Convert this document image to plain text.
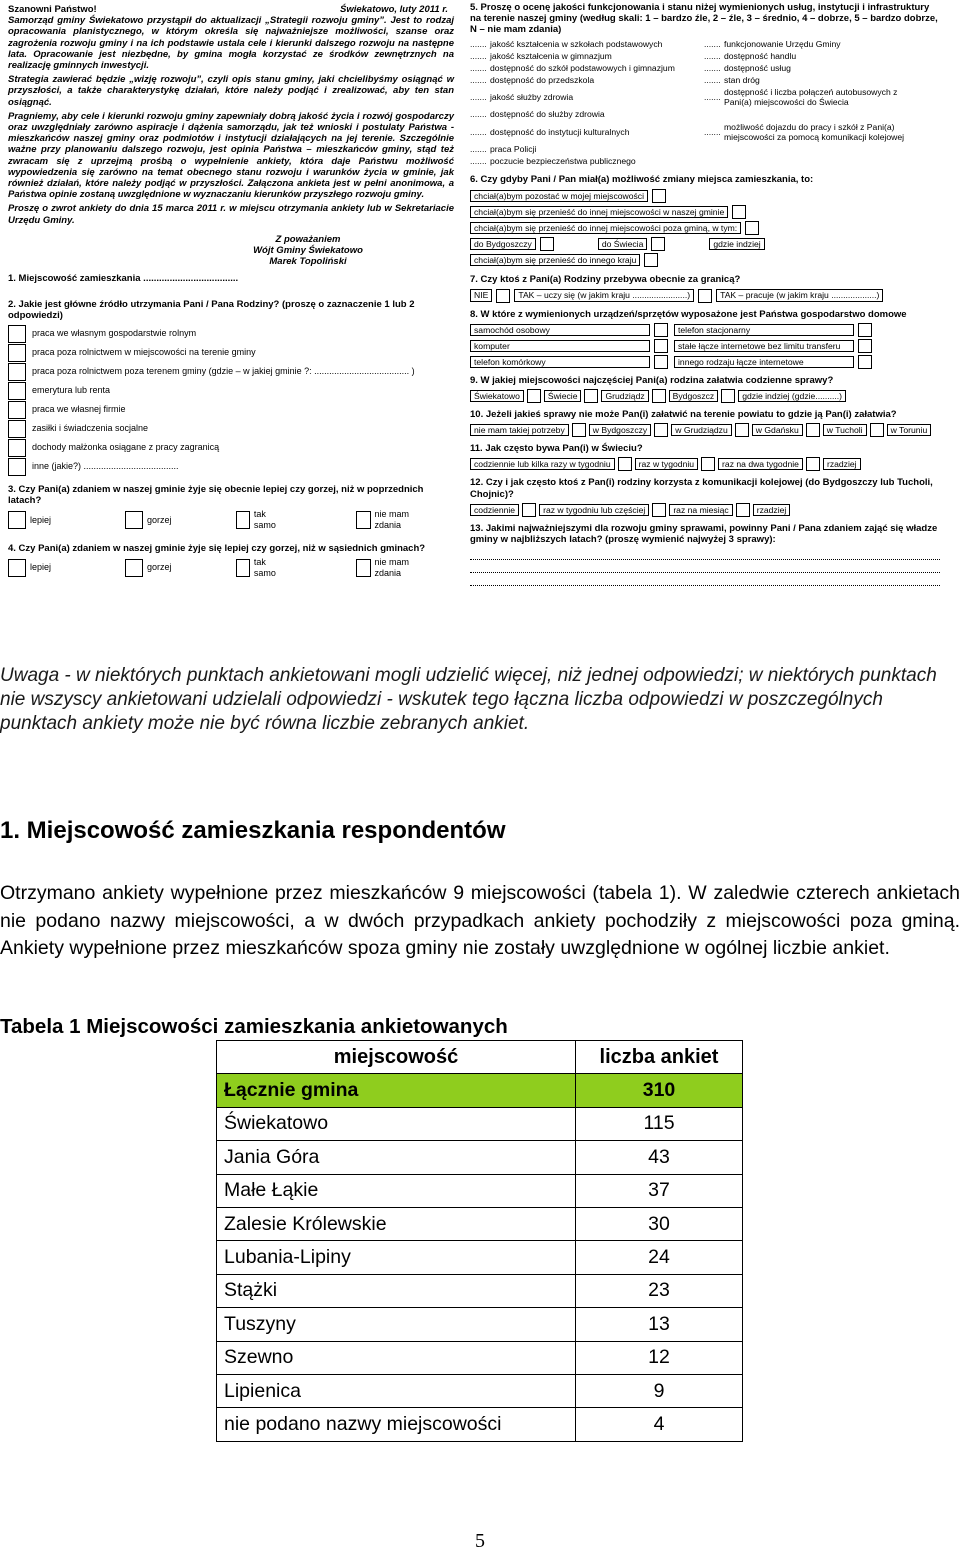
Szanowni Państwo!

Samorząd gminy Świekatowo przystąpił do aktualizacji „Strategii rozwoju gminy”. Jest to rodzaj opracowania planistycznego, w którym określa się najważniejsze możliwości, szanse oraz zagrożenia rozwoju gminy i na ich podstawie ustala cele i kierunki dalszego rozwoju na następne lata. Opracowanie jest niezbędne, by gmina mogła korzystać ze środków zewnętrznych na realizację gminnych inwestycji.

Strategia zawierać będzie „wizję rozwoju”, czyli opis stanu gminy, jaki chcielibyśmy osiągnąć w przyszłości, a także charakterystykę działań, które należy podjąć i zrealizować, aby ten stan osiągnąć.

Pragniemy, aby cele i kierunki rozwoju gminy zapewniały dobrą jakość życia i rozwój gospodarczy oraz uwzględniały zarówno aspiracje i dążenia samorządu, jak też wnioski i postulaty Państwa - mieszkańców naszej gminy oraz podmiotów i instytucji działających na jej terenie. Szczególnie ważne przy planowaniu dalszego rozwoju, jest opinia Państwa – mieszkańców gminy, stąd też zwracam się z uprzejmą prośbą o wypełnienie ankiety, która daje Państwu możliwość wypowiedzenia się zarówno na temat obecnego stanu rozwoju i warunków życia w gminie, jak również działań, które należy podjąć w przyszłości. Załączona ankieta jest w pełni anonimowa, a Państwa opinie zostaną uwzględnione w wyznaczaniu kierunków przyszłego rozwoju gminy.

Proszę o zwrot ankiety do dnia 15 marca 2011 r. w miejscu otrzymania ankiety lub w Sekretariacie Urzędu Gminy.

Z poważaniem
Wójt Gminy Świekatowo
Marek Topoliński
1. Miejscowość zamieszkania ....................................
2. Jakie jest główne źródło utrzymania Pani / Pana Rodziny? (proszę o zaznaczenie 1 lub 2 odpowiedzi)
praca we własnym gospodarstwie rolnym
praca poza rolnictwem w miejscowości na terenie gminy
praca poza rolnictwem poza terenem gminy (gdzie – w jakiej gminie ?: ...................................... )
emerytura lub renta
praca we własnej firmie
zasiłki i świadczenia socjalne
dochody małżonka osiągane z pracy zagranicą
inne (jakie?) ......................................
3. Czy Pani(a) zdaniem w naszej gminie żyje się obecnie lepiej czy gorzej, niż w poprzednich latach?
lepiej	gorzej
tak samo
nie mam zdania
4. Czy Pani(a) zdaniem w naszej gminie żyje się lepiej czy gorzej, niż w sąsiednich gminach?
lepiej	gorzej
tak samo
nie mam zdania
Świekatowo, luty 2011 r. 5. Proszę o ocenę jakości funkcjonowania i stanu niżej wymienionych usług, instytucji i infrastruktury na terenie naszej gminy (według skali: 1 – bardzo źle, 2 – źle, 3 – średnio, 4 – dobrze, 5 – bardzo dobrze, N – nie mam zdania)
....... jakość kształcenia w szkołach podstawowych	....... funkcjonowanie Urzędu Gminy
....... jakość kształcenia w gimnazjum	....... dostępność handlu
....... dostępność do szkół podstawowych i gimnazjum	....... dostępność usług
....... dostępność do przedszkola	....... stan dróg
....... jakość służby zdrowia	.......
dostępność i liczba połączeń autobusowych z Pani(a) miejscowości do Świecia
....... dostępność do służby zdrowia
....... dostępność do instytucji kulturalnych	.......
możliwość dojazdu do pracy i szkół z Pani(a) miejscowości za pomocą komunikacji kolejowej
....... praca Policji
....... poczucie bezpieczeństwa publicznego
6. Czy gdyby Pani / Pan miał(a) możliwość zmiany miejsca zamieszkania, to:
chciał(a)bym pozostać w mojej miejscowości
chciał(a)bym się przenieść do innej miejscowości w naszej gminie
chciał(a)bym się przenieść do innej miejscowości poza gminą, w tym:
do Bydgoszczy	do Świecia	gdzie indziej
chciał(a)bym się przenieść do innego kraju
7. Czy ktoś z Pani(a) Rodziny przebywa obecnie za granicą?
NIE	TAK – uczy się (w jakim kraju .......................)	TAK – pracuje (w jakim kraju ...................)
8. W które z wymienionych urządzeń/sprzętów wyposażone jest Państwa gospodarstwo domowe
samochód osobowy	telefon stacjonarny
komputer	stałe łącze internetowe bez limitu transferu
telefon komórkowy	innego rodzaju łącze internetowe
9. W jakiej miejscowości najczęściej Pani(a) rodzina załatwia codzienne sprawy?
Świekatowo	Świecie	Grudziądz	Bydgoszcz	gdzie indziej (gdzie..........)
10. Jeżeli jakieś sprawy nie może Pan(i) załatwić na terenie powiatu to gdzie ją Pan(i) załatwia?
nie mam takiej potrzeby	w Bydgoszczy	w Grudziądzu	w Gdańsku	w Tucholi	w Toruniu
11. Jak często bywa Pan(i) w Świeciu?
codziennie lub kilka razy w tygodniu	raz w tygodniu	raz na dwa tygodnie	rzadziej
12. Czy i jak często ktoś z Pan(i) rodziny korzysta z komunikacji kolejowej (do Bydgoszczy lub Tucholi, Chojnic)?
codziennie	raz w tygodniu lub częściej	raz na miesiąc	rzadziej
13. Jakimi najważniejszymi dla rozwoju gminy sprawami, powinny Pani / Pana zdaniem zająć się władze gminy w najbliższych latach? (proszę wymienić najwyżej 3 sprawy):
Uwaga - w niektórych punktach ankietowani mogli udzielić więcej, niż jednej odpowiedzi; w niektórych punktach nie wszyscy ankietowani udzielali odpowiedzi - wskutek tego łączna liczba odpowiedzi w poszczególnych punktach ankiety może nie być równa liczbie zebranych ankiet.
1. Miejscowość zamieszkania respondentów
Otrzymano ankiety wypełnione przez mieszkańców 9 miejscowości (tabela 1). W zaledwie czterech ankietach nie podano nazwy miejscowości, a w dwóch przypadkach ankiety pochodziły z miejscowości poza gminą. Ankiety wypełnione przez mieszkańców spoza gminy nie zostały uwzględnione w ogólnej liczbie ankiet.
Tabela 1 Miejscowości zamieszkania ankietowanych
miejscowość	liczba ankiet
Łącznie gmina	310
Świekatowo	115
Jania Góra	43
Małe Łąkie	37
Zalesie Królewskie	30
Lubania-Lipiny	24
Stążki	23
Tuszyny	13
Szewno	12
Lipienica	9
nie podano nazwy miejscowości	4
5
